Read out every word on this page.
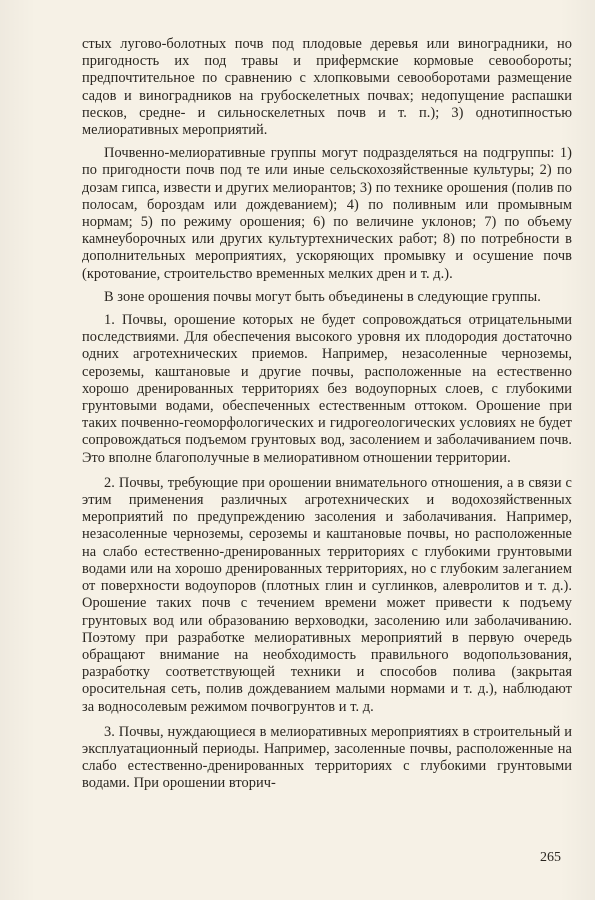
стых лугово-болотных почв под плодовые деревья или виноградники, но пригодность их под травы и прифермские кормовые севообороты; предпочтительное по сравнению с хлопковыми севооборотами размещение садов и виноградников на грубоскелетных почвах; недопущение распашки песков, средне- и сильноскелетных почв и т. п.); 3) однотипностью мелиоративных мероприятий.

Почвенно-мелиоративные группы могут подразделяться на подгруппы: 1) по пригодности почв под те или иные сельскохозяйственные культуры; 2) по дозам гипса, извести и других мелиорантов; 3) по технике орошения (полив по полосам, бороздам или дождеванием); 4) по поливным или промывным нормам; 5) по режиму орошения; 6) по величине уклонов; 7) по объему камнеуборочных или других культуртехнических работ; 8) по потребности в дополнительных мероприятиях, ускоряющих промывку и осушение почв (кротование, строительство временных мелких дрен и т. д.).

В зоне орошения почвы могут быть объединены в следующие группы.

1. Почвы, орошение которых не будет сопровождаться отрицательными последствиями. Для обеспечения высокого уровня их плодородия достаточно одних агротехнических приемов. Например, незасоленные черноземы, сероземы, каштановые и другие почвы, расположенные на естественно хорошо дренированных территориях без водоупорных слоев, с глубокими грунтовыми водами, обеспеченных естественным оттоком. Орошение при таких почвенно-геоморфологических и гидрогеологических условиях не будет сопровождаться подъемом грунтовых вод, засолением и заболачиванием почв. Это вполне благополучные в мелиоративном отношении территории.

2. Почвы, требующие при орошении внимательного отношения, а в связи с этим применения различных агротехнических и водохозяйственных мероприятий по предупреждению засоления и заболачивания. Например, незасоленные черноземы, сероземы и каштановые почвы, но расположенные на слабо естественно-дренированных территориях с глубокими грунтовыми водами или на хорошо дренированных территориях, но с глубоким залеганием от поверхности водоупоров (плотных глин и суглинков, алевролитов и т. д.). Орошение таких почв с течением времени может привести к подъему грунтовых вод или образованию верховодки, засолению или заболачиванию. Поэтому при разработке мелиоративных мероприятий в первую очередь обращают внимание на необходимость правильного водопользования, разработку соответствующей техники и способов полива (закрытая оросительная сеть, полив дождеванием малыми нормами и т. д.), наблюдают за водносолевым режимом почвогрунтов и т. д.

3. Почвы, нуждающиеся в мелиоративных мероприятиях в строительный и эксплуатационный периоды. Например, засоленные почвы, расположенные на слабо естественно-дренированных территориях с глубокими грунтовыми водами. При орошении вторич-

265
